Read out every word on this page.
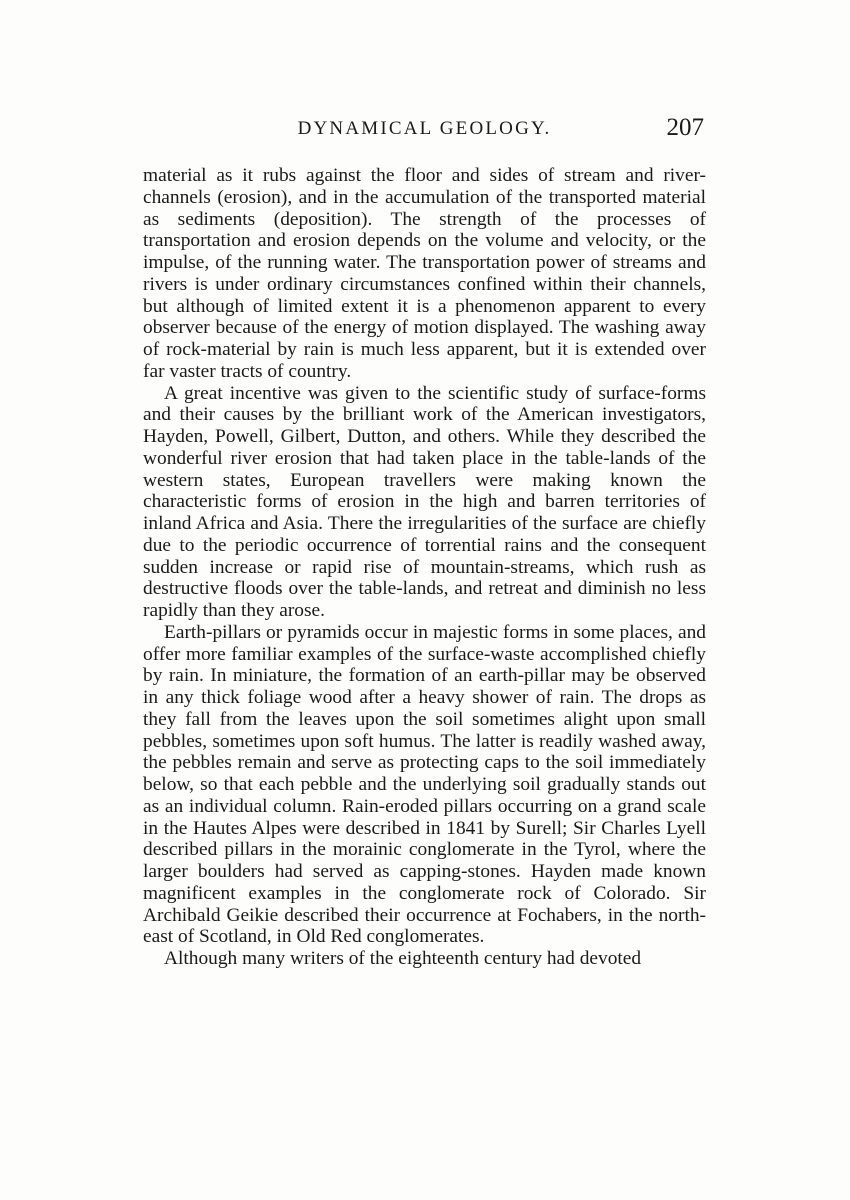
DYNAMICAL GEOLOGY.	207

material as it rubs against the floor and sides of stream and river-channels (erosion), and in the accumulation of the transported material as sediments (deposition). The strength of the processes of transportation and erosion depends on the volume and velocity, or the impulse, of the running water. The transportation power of streams and rivers is under ordinary circumstances confined within their channels, but although of limited extent it is a phenomenon apparent to every observer because of the energy of motion displayed. The washing away of rock-material by rain is much less apparent, but it is extended over far vaster tracts of country.

A great incentive was given to the scientific study of surface-forms and their causes by the brilliant work of the American investigators, Hayden, Powell, Gilbert, Dutton, and others. While they described the wonderful river erosion that had taken place in the table-lands of the western states, European travellers were making known the characteristic forms of erosion in the high and barren territories of inland Africa and Asia. There the irregularities of the surface are chiefly due to the periodic occurrence of torrential rains and the consequent sudden increase or rapid rise of mountain-streams, which rush as destructive floods over the table-lands, and retreat and diminish no less rapidly than they arose.

Earth-pillars or pyramids occur in majestic forms in some places, and offer more familiar examples of the surface-waste accomplished chiefly by rain. In miniature, the formation of an earth-pillar may be observed in any thick foliage wood after a heavy shower of rain. The drops as they fall from the leaves upon the soil sometimes alight upon small pebbles, sometimes upon soft humus. The latter is readily washed away, the pebbles remain and serve as protecting caps to the soil immediately below, so that each pebble and the underlying soil gradually stands out as an individual column. Rain-eroded pillars occurring on a grand scale in the Hautes Alpes were described in 1841 by Surell; Sir Charles Lyell described pillars in the morainic conglomerate in the Tyrol, where the larger boulders had served as capping-stones. Hayden made known magnificent examples in the conglomerate rock of Colorado. Sir Archibald Geikie described their occurrence at Fochabers, in the north-east of Scotland, in Old Red conglomerates.

Although many writers of the eighteenth century had devoted
